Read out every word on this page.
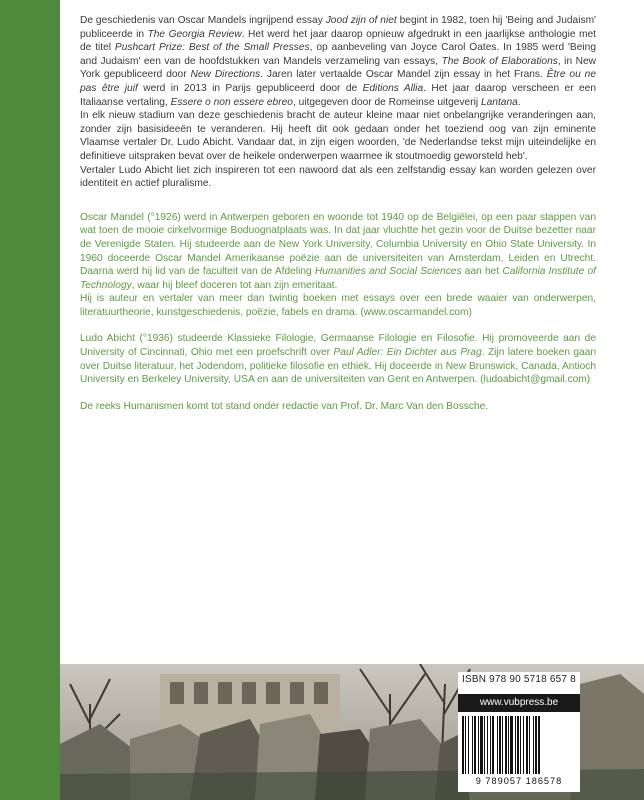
De geschiedenis van Oscar Mandels ingrijpend essay Jood zijn of niet begint in 1982, toen hij 'Being and Judaism' publiceerde in The Georgia Review. Het werd het jaar daarop opnieuw afgedrukt in een jaarlijkse anthologie met de titel Pushcart Prize: Best of the Small Presses, op aanbeveling van Joyce Carol Oates. In 1985 werd 'Being and Judaism' een van de hoofdstukken van Mandels verzameling van essays, The Book of Elaborations, in New York gepubliceerd door New Directions. Jaren later vertaalde Oscar Mandel zijn essay in het Frans. Être ou ne pas être juif werd in 2013 in Parijs gepubliceerd door de Editions Allia. Het jaar daarop verscheen er een Italiaanse vertaling, Essere o non essere ebreo, uitgegeven door de Romeinse uitgeverij Lantana.

In elk nieuw stadium van deze geschiedenis bracht de auteur kleine maar niet onbelangrijke veranderingen aan, zonder zijn basisideeën te veranderen. Hij heeft dit ook gedaan onder het toeziend oog van zijn eminente Vlaamse vertaler Dr. Ludo Abicht. Vandaar dat, in zijn eigen woorden, 'de Nederlandse tekst mijn uiteindelijke en definitieve uitspraken bevat over de heikele onderwerpen waarmee ik stoutmoedig geworsteld heb'.

Vertaler Ludo Abicht liet zich inspireren tot een nawoord dat als een zelfstandig essay kan worden gelezen over identiteit en actief pluralisme.

Oscar Mandel (°1926) werd in Antwerpen geboren en woonde tot 1940 op de Belgiëlei, op een paar stappen van wat toen de mooie cirkelvormige Boduognatplaats was. In dat jaar vluchtte het gezin voor de Duitse bezetter naar de Verenigde Staten. Hij studeerde aan de New York University, Columbia University en Ohio State University. In 1960 doceerde Oscar Mandel Amerikaanse poëzie aan de universiteiten van Amsterdam, Leiden en Utrecht. Daarna werd hij lid van de faculteit van de Afdeling Humanities and Social Sciences aan het California Institute of Technology, waar hij bleef doceren tot aan zijn emeritaat.

Hij is auteur en vertaler van meer dan twintig boeken met essays over een brede waaier van onderwerpen, literatuurtheorie, kunstgeschiedenis, poëzie, fabels en drama. (www.oscarmandel.com)

Ludo Abicht (°1936) studeerde Klassieke Filologie, Germaanse Filologie en Filosofie. Hij promoveerde aan de University of Cincinnati, Ohio met een proefschrift over Paul Adler: Ein Dichter aus Prag. Zijn latere boeken gaan over Duitse literatuur, het Jodendom, politieke filosofie en ethiek. Hij doceerde in New Brunswick, Canada, Antioch University en Berkeley University, USA en aan de universiteiten van Gent en Antwerpen. (ludoabicht@gmail.com)

De reeks Humanismen komt tot stand onder redactie van Prof. Dr. Marc Van den Bossche.

ISBN 978 90 5718 657 8
www.vubpress.be
9 789057 186578
